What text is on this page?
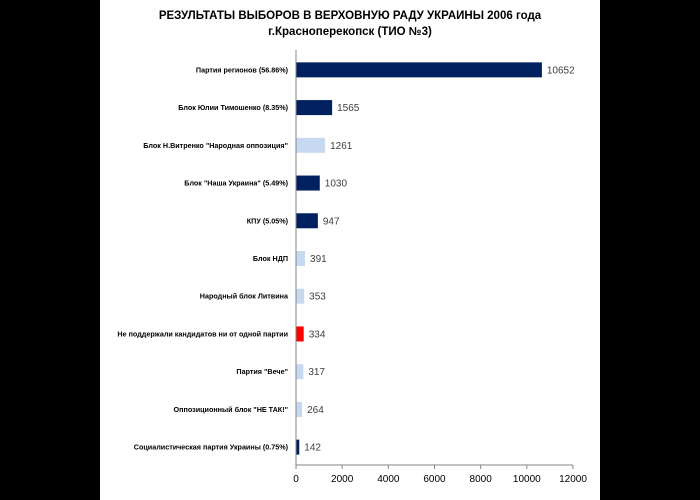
РЕЗУЛЬТАТЫ ВЫБОРОВ В ВЕРХОВНУЮ РАДУ УКРАИНЫ 2006 года
г.Красноперекопск (ТИО №3)
Партия регионов (56.86%)	10652
Блок Юлии Тимошенко (8.35%)	1565
Блок Н.Витренко "Народная оппозиция"	1261
Блок "Наша Украина" (5.49%)	1030
КПУ (5.05%)	947
Блок НДП 391
Народный блок Литвина 353
Не поддержали кандидатов ни от одной партии 334
Партия "Вече" 317
Оппозиционный блок "НЕ ТАК!" 264
Социалистическая партия Украины (0.75%) 142
0	2000 4000 6000 8000 10000 12000
